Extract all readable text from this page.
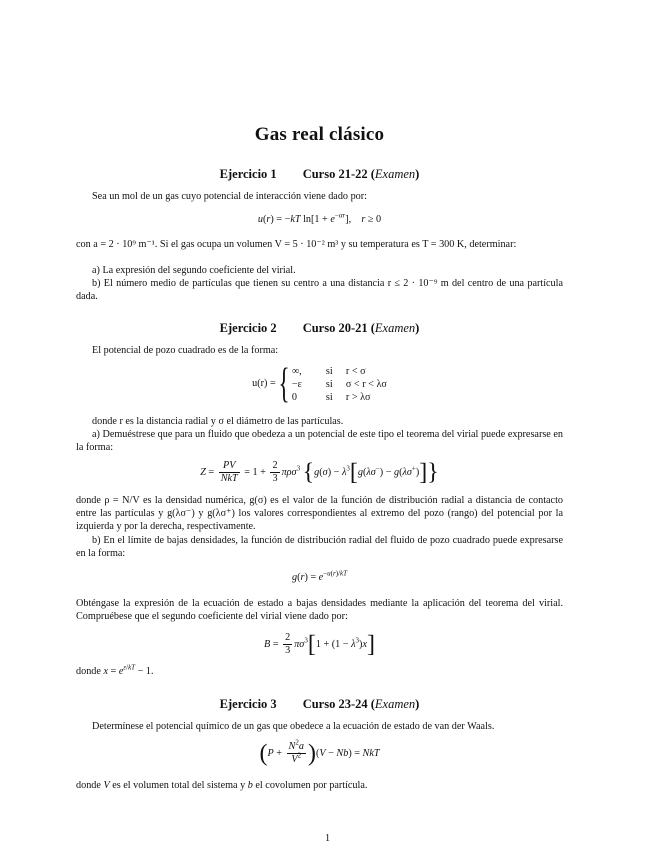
Gas real clásico
Ejercicio 1 Curso 21-22 (Examen)
Sea un mol de un gas cuyo potencial de interacción viene dado por:
u(r) = −kT $\ln[1 + e^{-\alpha r}]$,    r ≥ 0
con a = 2 · 10⁹ m⁻¹. Si el gas ocupa un volumen V = 5 · 10⁻² m³ y su temperatura es T = 300 K, determinar:
a) La expresión del segundo coeficiente del virial.
b) El número medio de partículas que tienen su centro a una distancia r ≤ 2 · 10⁻⁹ m del centro de una partícula dada.
Ejercicio 2 Curso 20-21 (Examen)
El potencial de pozo cuadrado es de la forma:
u(r) = { ∞,	si	r < σ
−ε	si	σ < r < λσ
0	si	r > λσ
donde r es la distancia radial y σ el diámetro de las partículas.
a) Demuéstrese que para un fluido que obedeza a un potencial de este tipo el teorema del virial puede expresarse en la forma:
$Z = \frac{PV}{\text{NkT}} = 1 + \frac{2}{3} \pi\rho\sigma^3$ $\{g(\sigma) - \lambda^3[g(\lambda\sigma^-) - g(\lambda\sigma^+)]\}$
donde ρ = N/V es la densidad numérica, g(σ) es el valor de la función de distribución radial a distancia de contacto entre las partículas y g(λσ⁻) y g(λσ⁺) los valores correspondientes al extremo del pozo (rango) del potencial por la izquierda y por la derecha, respectivamente.
b) En el límite de bajas densidades, la función de distribución radial del fluido de pozo cuadrado puede expresarse en la forma:
$g(r) = e^{-u(r)/kT}$
Obténgase la expresión de la ecuación de estado a bajas densidades mediante la aplicación del teorema del virial. Compruébese que el segundo coeficiente del virial viene dado por:
$B = \frac{2}{3} \pi\sigma^3[1 + (1 - \lambda^3)x]$
donde $x = e^{\varepsilon/kT} - 1$.
Ejercicio 3 Curso 23-24 (Examen)
Determínese el potencial químico de un gas que obedece a la ecuación de estado de van der Waals.
$(P + \frac{N^2a}{V^2} )(V - Nb)$ = NkT
donde V es el volumen total del sistema y b el covolumen por partícula.
1
